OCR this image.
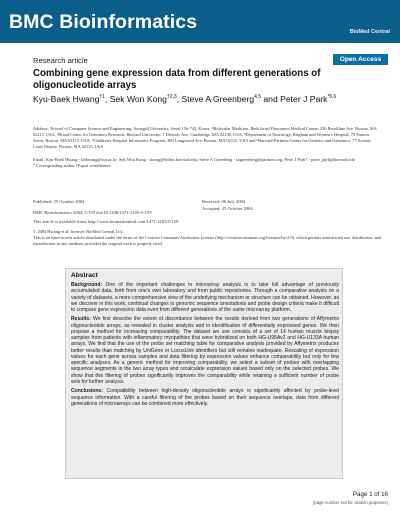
BMC Bioinformatics	BioMed Central
Research article	Open Access
Combining gene expression data from different generations of oligonucleotide arrays
Kyu-Baek Hwang$^{\dagger 1}$, Sek Won Kong$^{\dagger 2,3}$, Steve A Greenberg$^{4,5}$ and Peter J Park$^{*5,6}$
Address: ¹School of Computer Science and Engineering, Soongsil University, Seoul 156-743, Korea, ²Molecular Medicine, Beth Israel Deaconess Medical Center, 330 Brookline Ave, Boston, MA 02115, USA, ³Broad Center for Genomics Research, Harvard University, 7 Divinity Ave, Cambridge, MA 02138, USA, ⁴Department of Neurology, Brigham and Women's Hospital, 75 Francis Street, Boston, MA 02115, USA, ⁵Children's Hospital Informatics Program, 300 Longwood Ave, Boston, MA 02115, USA and ⁶Harvard-Partners Center for Genetics and Genomics, 77 Avenue Louis Pasteur, Boston, MA 02115, USA
Email: Kyu-Baek Hwang - kbhwang@ssu.ac.kr; Sek Won Kong - skong@bidmc.harvard.edu; Steve A Greenberg - sagreenberg@partners.org; Peter J Park* - peter_park@harvard.edu
* Corresponding author †Equal contributors
Published: 25 October 2004	Received: 06 July 2004
Accepted: 25 October 2004
BMC Bioinformatics 2004, 5:159 doi:10.1186/1471-2105-5-159
This article is available from: http://www.biomedcentral.com/1471-2105/5/159
© 2004 Hwang et al; licensee BioMed Central Ltd.
This is an open-access article distributed under the terms of the Creative Commons Attribution License (http://creativecommons.org/licenses/by/2.0), which permits unrestricted use, distribution, and reproduction in any medium, provided the original work is properly cited.
Abstract

Background: One of the important challenges in microarray analysis is to take full advantage of previously accumulated data, both from one's own laboratory and from public repositories. Through a comparative analysis on a variety of datasets, a more comprehensive view of the underlying mechanism or structure can be obtained. However, as we discover in this work, continual changes in genomic sequence annotations and probe design criteria make it difficult to compare gene expression data even from different generations of the same microarray platform.

Results: We first describe the extent of discordance between the results derived from two generations of Affymetrix oligonucleotide arrays, as revealed in cluster analysis and in identification of differentially expressed genes. We then propose a method for increasing comparability. The dataset we use consists of a set of 14 human muscle biopsy samples from patients with inflammatory myopathies that were hybridized on both HG-U95Av2 and HG-U133A human arrays. We find that the use of the probe set matching table for comparative analysis provided by Affymetrix produces better results than matching by UniGene or LocusLink identifiers but still remains inadequate. Rescaling of expression values for each gene across samples and data filtering by expression values enhance comparability but only for few specific analyses. As a generic method for improving comparability, we select a subset of probes with overlapping sequence segments in the two array types and recalculate expression values based only on the selected probes. We show that this filtering of probes significantly improves the comparability while retaining a sufficient number of probe sets for further analysis.

Conclusions: Compatibility between high-density oligonucleotide arrays is significantly affected by probe-level sequence information. With a careful filtering of the probes based on their sequence overlaps, data from different generations of microarrays can be combined more effectively.

Page 1 of 16
(page number not for citation purposes)
